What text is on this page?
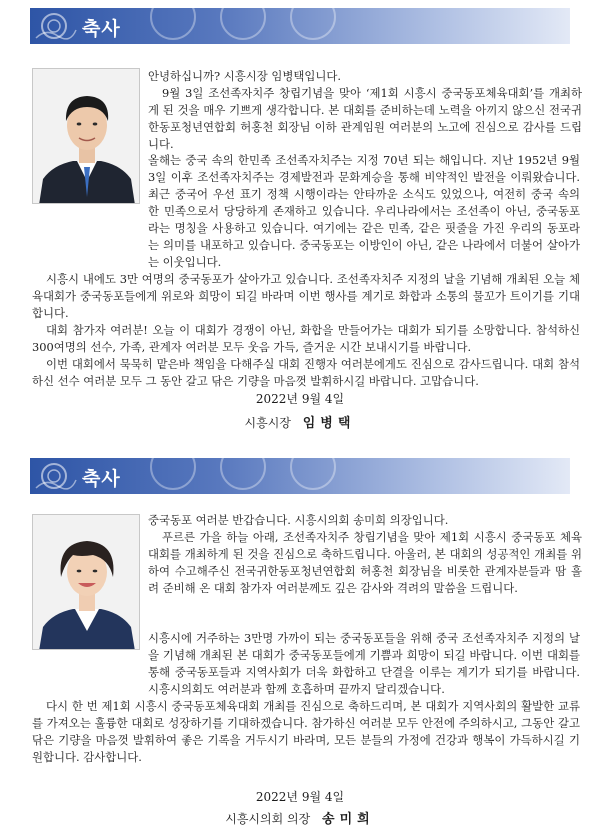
축사

안녕하십니까? 시흥시장 임병택입니다.

9월 3일 조선족자치주 창립기념을 맞아 ‘제1회 시흥시 중국동포체육대회’를 개최하게 된 것을 매우 기쁘게 생각합니다. 본 대회를 준비하는데 노력을 아끼지 않으신 전국귀한동포청년연합회 허홍천 회장님 이하 관계임원 여러분의 노고에 진심으로 감사를 드립니다.

올해는 중국 속의 한민족 조선족자치주는 지정 70년 되는 해입니다. 지난 1952년 9월 3일 이후 조선족자치주는 경제발전과 문화계승을 통해 비약적인 발전을 이뤄왔습니다. 최근 중국어 우선 표기 정책 시행이라는 안타까운 소식도 있었으나, 여전히 중국 속의 한 민족으로서 당당하게 존재하고 있습니다. 우리나라에서는 조선족이 아닌, 중국동포라는 명칭을 사용하고 있습니다. 여기에는 같은 민족, 같은 핏줄을 가진 우리의 동포라는 의미를 내포하고 있습니다. 중국동포는 이방인이 아닌, 같은 나라에서 더불어 살아가는 이웃입니다.

시흥시 내에도 3만 여명의 중국동포가 살아가고 있습니다. 조선족자치주 지정의 날을 기념해 개최된 오늘 체육대회가 중국동포들에게 위로와 희망이 되길 바라며 이번 행사를 계기로 화합과 소통의 물꼬가 트이기를 기대합니다.

대회 참가자 여러분! 오늘 이 대회가 경쟁이 아닌, 화합을 만들어가는 대회가 되기를 소망합니다. 참석하신 300여명의 선수, 가족, 관계자 여러분 모두 웃음 가득, 즐거운 시간 보내시기를 바랍니다.

이번 대회에서 묵묵히 맡은바 책임을 다해주실 대회 진행자 여러분에게도 진심으로 감사드립니다. 대회 참석하신 선수 여러분 모두 그 동안 갈고 닦은 기량을 마음껏 발휘하시길 바랍니다. 고맙습니다.

2022년 9월 4일
시흥시장 임병택
축사

중국동포 여러분 반갑습니다. 시흥시의회 송미희 의장입니다.

푸르른 가을 하늘 아래, 조선족자치주 창립기념을 맞아 제1회 시흥시 중국동포 체육대회를 개최하게 된 것을 진심으로 축하드립니다. 아울러, 본 대회의 성공적인 개최를 위하여 수고해주신 전국귀한동포청년연합회 허홍천 회장님을 비롯한 관계자분들과 땀 흘려 준비해 온 대회 참가자 여러분께도 깊은 감사와 격려의 말씀을 드립니다.

시흥시에 거주하는 3만명 가까이 되는 중국동포들을 위해 중국 조선족자치주 지정의 날을 기념해 개최된 본 대회가 중국동포들에게 기쁨과 희망이 되길 바랍니다. 이번 대회를 통해 중국동포들과 지역사회가 더욱 화합하고 단결을 이루는 계기가 되기를 바랍니다. 시흥시의회도 여러분과 함께 호흡하며 끝까지 달리겠습니다.

다시 한 번 제1회 시흥시 중국동포체육대회 개최를 진심으로 축하드리며, 본 대회가 지역사회의 활발한 교류를 가져오는 훌륭한 대회로 성장하기를 기대하겠습니다. 참가하신 여러분 모두 안전에 주의하시고, 그동안 갈고닦은 기량을 마음껏 발휘하여 좋은 기록을 거두시기 바라며, 모든 분들의 가정에 건강과 행복이 가득하시길 기원합니다. 감사합니다.

2022년 9월 4일
시흥시의회 의장 송미희
